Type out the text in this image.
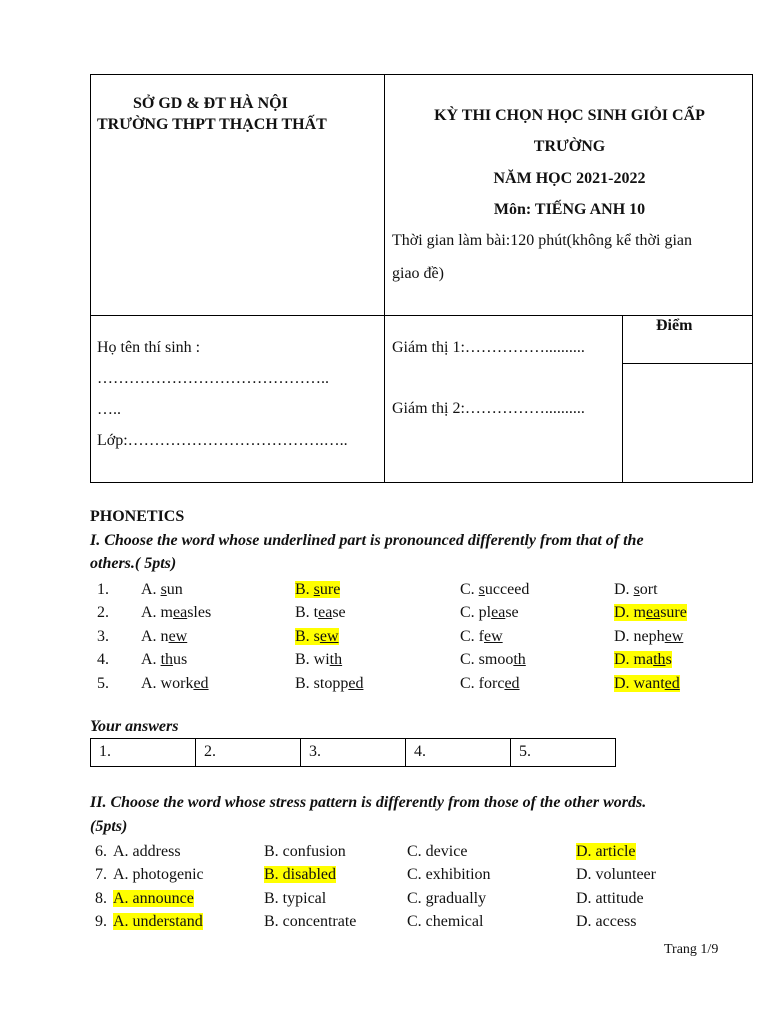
SỞ GD & ĐT HÀ NỘI
TRƯỜNG THPT THẠCH THẤT
KỲ THI CHỌN HỌC SINH GIỎI CẤP
TRƯỜNG
NĂM HỌC 2021-2022
Môn: TIẾNG ANH 10
Thời gian làm bài:120 phút(không kể thời gian
giao đề)
Điểm
Họ tên thí sinh :
……………………………………..
…..
Lớp:……………………………….…..
Giám thị 1:……………..........
Giám thị 2:……………..........
PHONETICS
I. Choose the word whose underlined part is pronounced differently from that of the
others.( 5pts)
1. A. sun	B. sure	C. succeed	D. sort
2. A. measles	B. tease	C. please	D. measure
3. A. new	B. sew	C. few	D. nephew
4. A. thus	B. with	C. smooth	D. maths
5. A. worked	B. stopped	C. forced	D. wanted
Your answers
1.	2.	3.	4.	5.
II. Choose the word whose stress pattern is differently from those of the other words.
(5pts)
6. A. address	B. confusion	C. device	D. article
7. A. photogenic	B. disabled	C. exhibition	D. volunteer
8. A. announce	B. typical	C. gradually	D. attitude
9. A. understand	B. concentrate	C. chemical	D. access
Trang 1/9
